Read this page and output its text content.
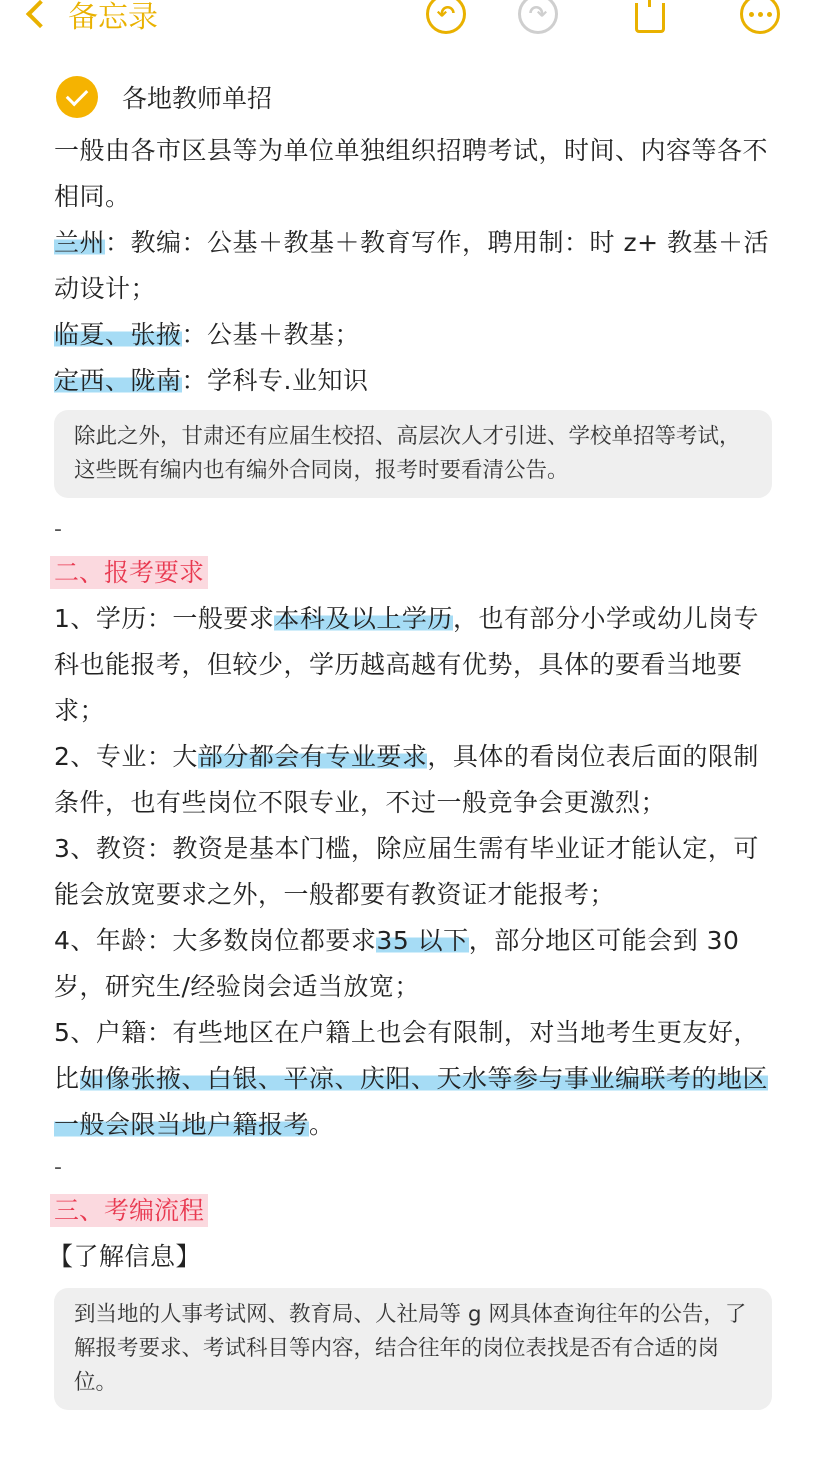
备忘录	↶	↷
各地教师单招
一般由各市区县等为单位单独组织招聘考试，时间、内容等各不相同。
兰州：教编：公基＋教基＋教育写作，聘用制：时 z+ 教基＋活动设计；
临夏、张掖：公基＋教基；
定西、陇南：学科专.业知识
除此之外，甘肃还有应届生校招、高层次人才引进、学校单招等考试，这些既有编内也有编外合同岗，报考时要看清公告。
-
二、报考要求
1、学历：一般要求本科及以上学历，也有部分小学或幼儿岗专科也能报考，但较少，学历越高越有优势，具体的要看当地要求；
2、专业：大部分都会有专业要求，具体的看岗位表后面的限制条件，也有些岗位不限专业，不过一般竞争会更激烈；
3、教资：教资是基本门槛，除应届生需有毕业证才能认定，可能会放宽要求之外，一般都要有教资证才能报考；
4、年龄：大多数岗位都要求35 以下，部分地区可能会到 30 岁，研究生/经验岗会适当放宽；
5、户籍：有些地区在户籍上也会有限制，对当地考生更友好，比如像张掖、白银、平凉、庆阳、天水等参与事业编联考的地区一般会限当地户籍报考。
-
三、考编流程
【了解信息】
到当地的人事考试网、教育局、人社局等 g 网具体查询往年的公告，了解报考要求、考试科目等内容，结合往年的岗位表找是否有合适的岗位。
